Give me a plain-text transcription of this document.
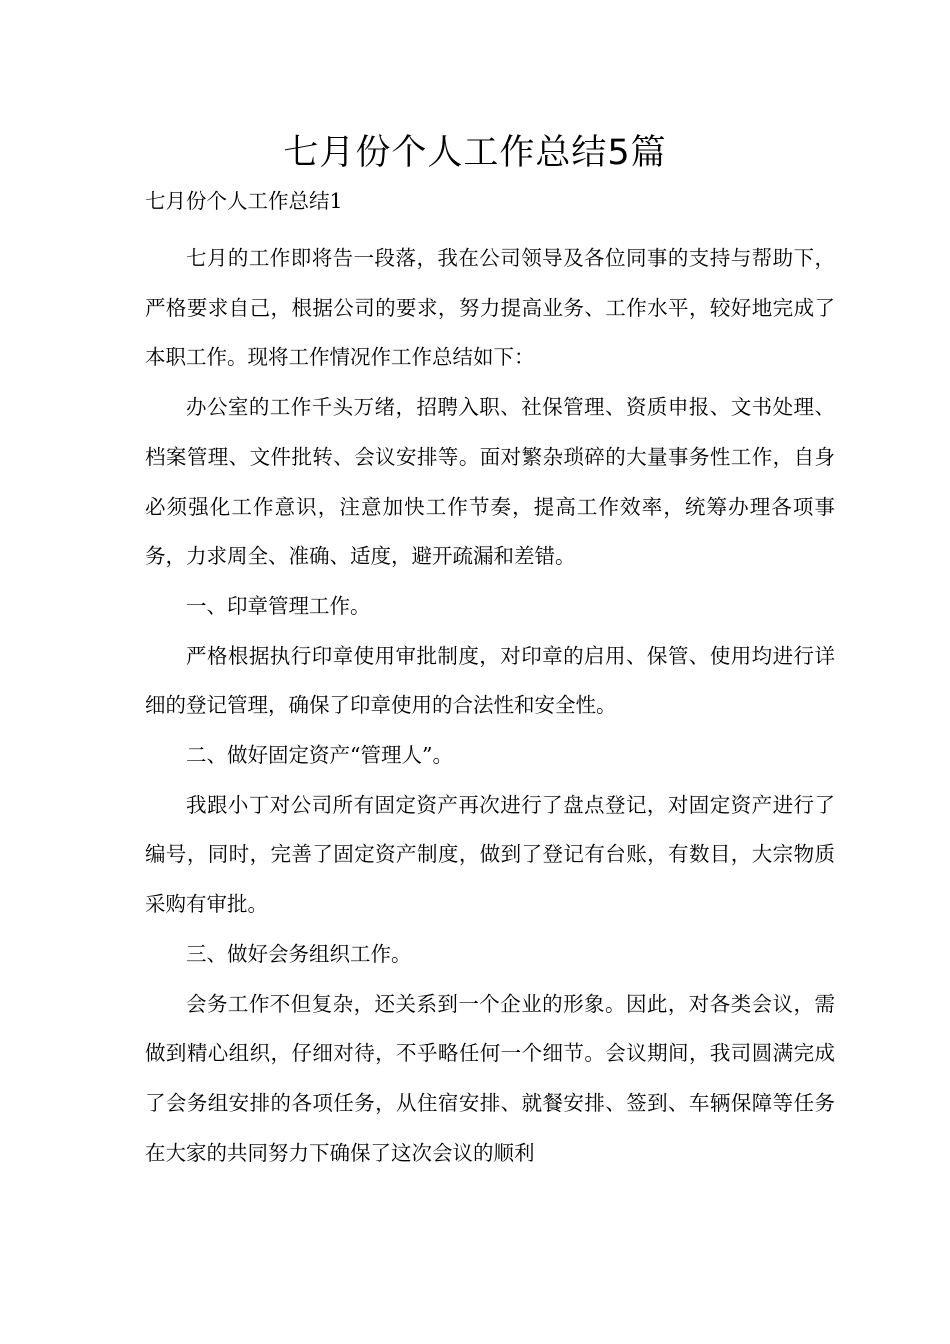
七月份个人工作总结5篇

七月份个人工作总结1

七月的工作即将告一段落，我在公司领导及各位同事的支持与帮助下，严格要求自己，根据公司的要求，努力提高业务、工作水平，较好地完成了本职工作。现将工作情况作工作总结如下：

办公室的工作千头万绪，招聘入职、社保管理、资质申报、文书处理、档案管理、文件批转、会议安排等。面对繁杂琐碎的大量事务性工作，自身必须强化工作意识，注意加快工作节奏，提高工作效率，统筹办理各项事务，力求周全、准确、适度，避开疏漏和差错。

一、印章管理工作。

严格根据执行印章使用审批制度，对印章的启用、保管、使用均进行详细的登记管理，确保了印章使用的合法性和安全性。

二、做好固定资产“管理人”。

我跟小丁对公司所有固定资产再次进行了盘点登记，对固定资产进行了编号，同时，完善了固定资产制度，做到了登记有台账，有数目，大宗物质采购有审批。

三、做好会务组织工作。

会务工作不但复杂，还关系到一个企业的形象。因此，对各类会议，需做到精心组织，仔细对待，不乎略任何一个细节。会议期间，我司圆满完成了会务组安排的各项任务，从住宿安排、就餐安排、签到、车辆保障等任务在大家的共同努力下确保了这次会议的顺利
